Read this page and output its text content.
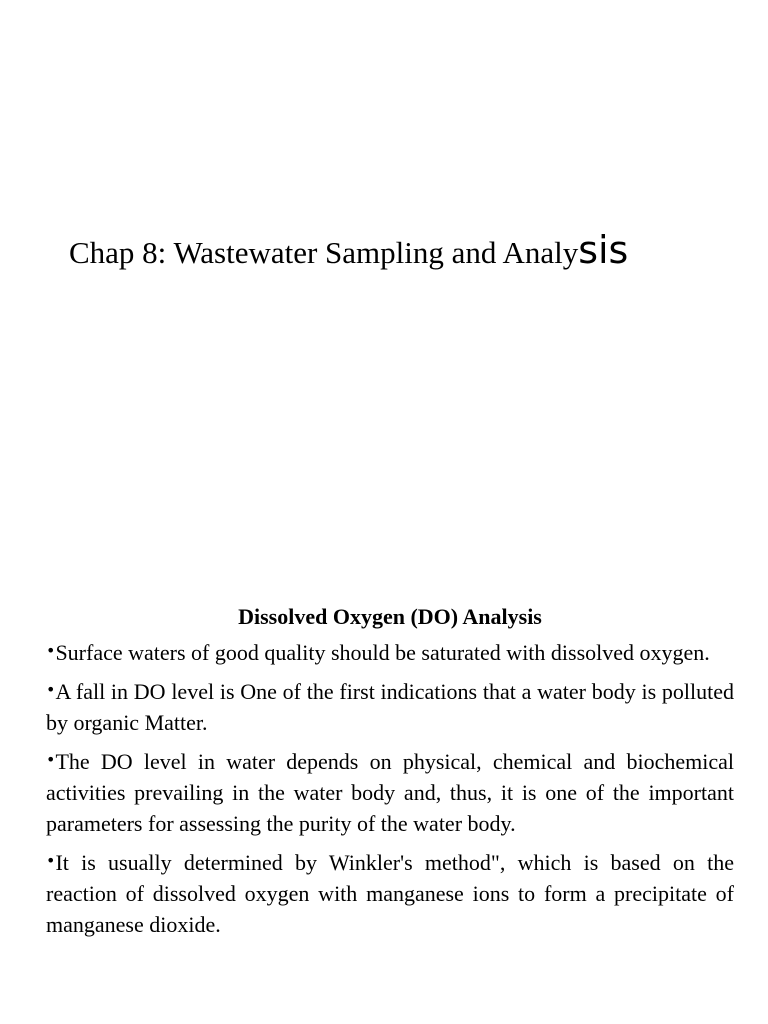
Chap 8: Wastewater Sampling and Analysis

Dissolved Oxygen (DO) Analysis

•Surface waters of good quality should be saturated with dissolved oxygen.

•A fall in DO level is One of the first indications that a water body is polluted by organic Matter.

•The DO level in water depends on physical, chemical and biochemical activities prevailing in the water body and, thus, it is one of the important parameters for assessing the purity of the water body.

•It is usually determined by Winkler's method", which is based on the reaction of dissolved oxygen with manganese ions to form a precipitate of manganese dioxide.
